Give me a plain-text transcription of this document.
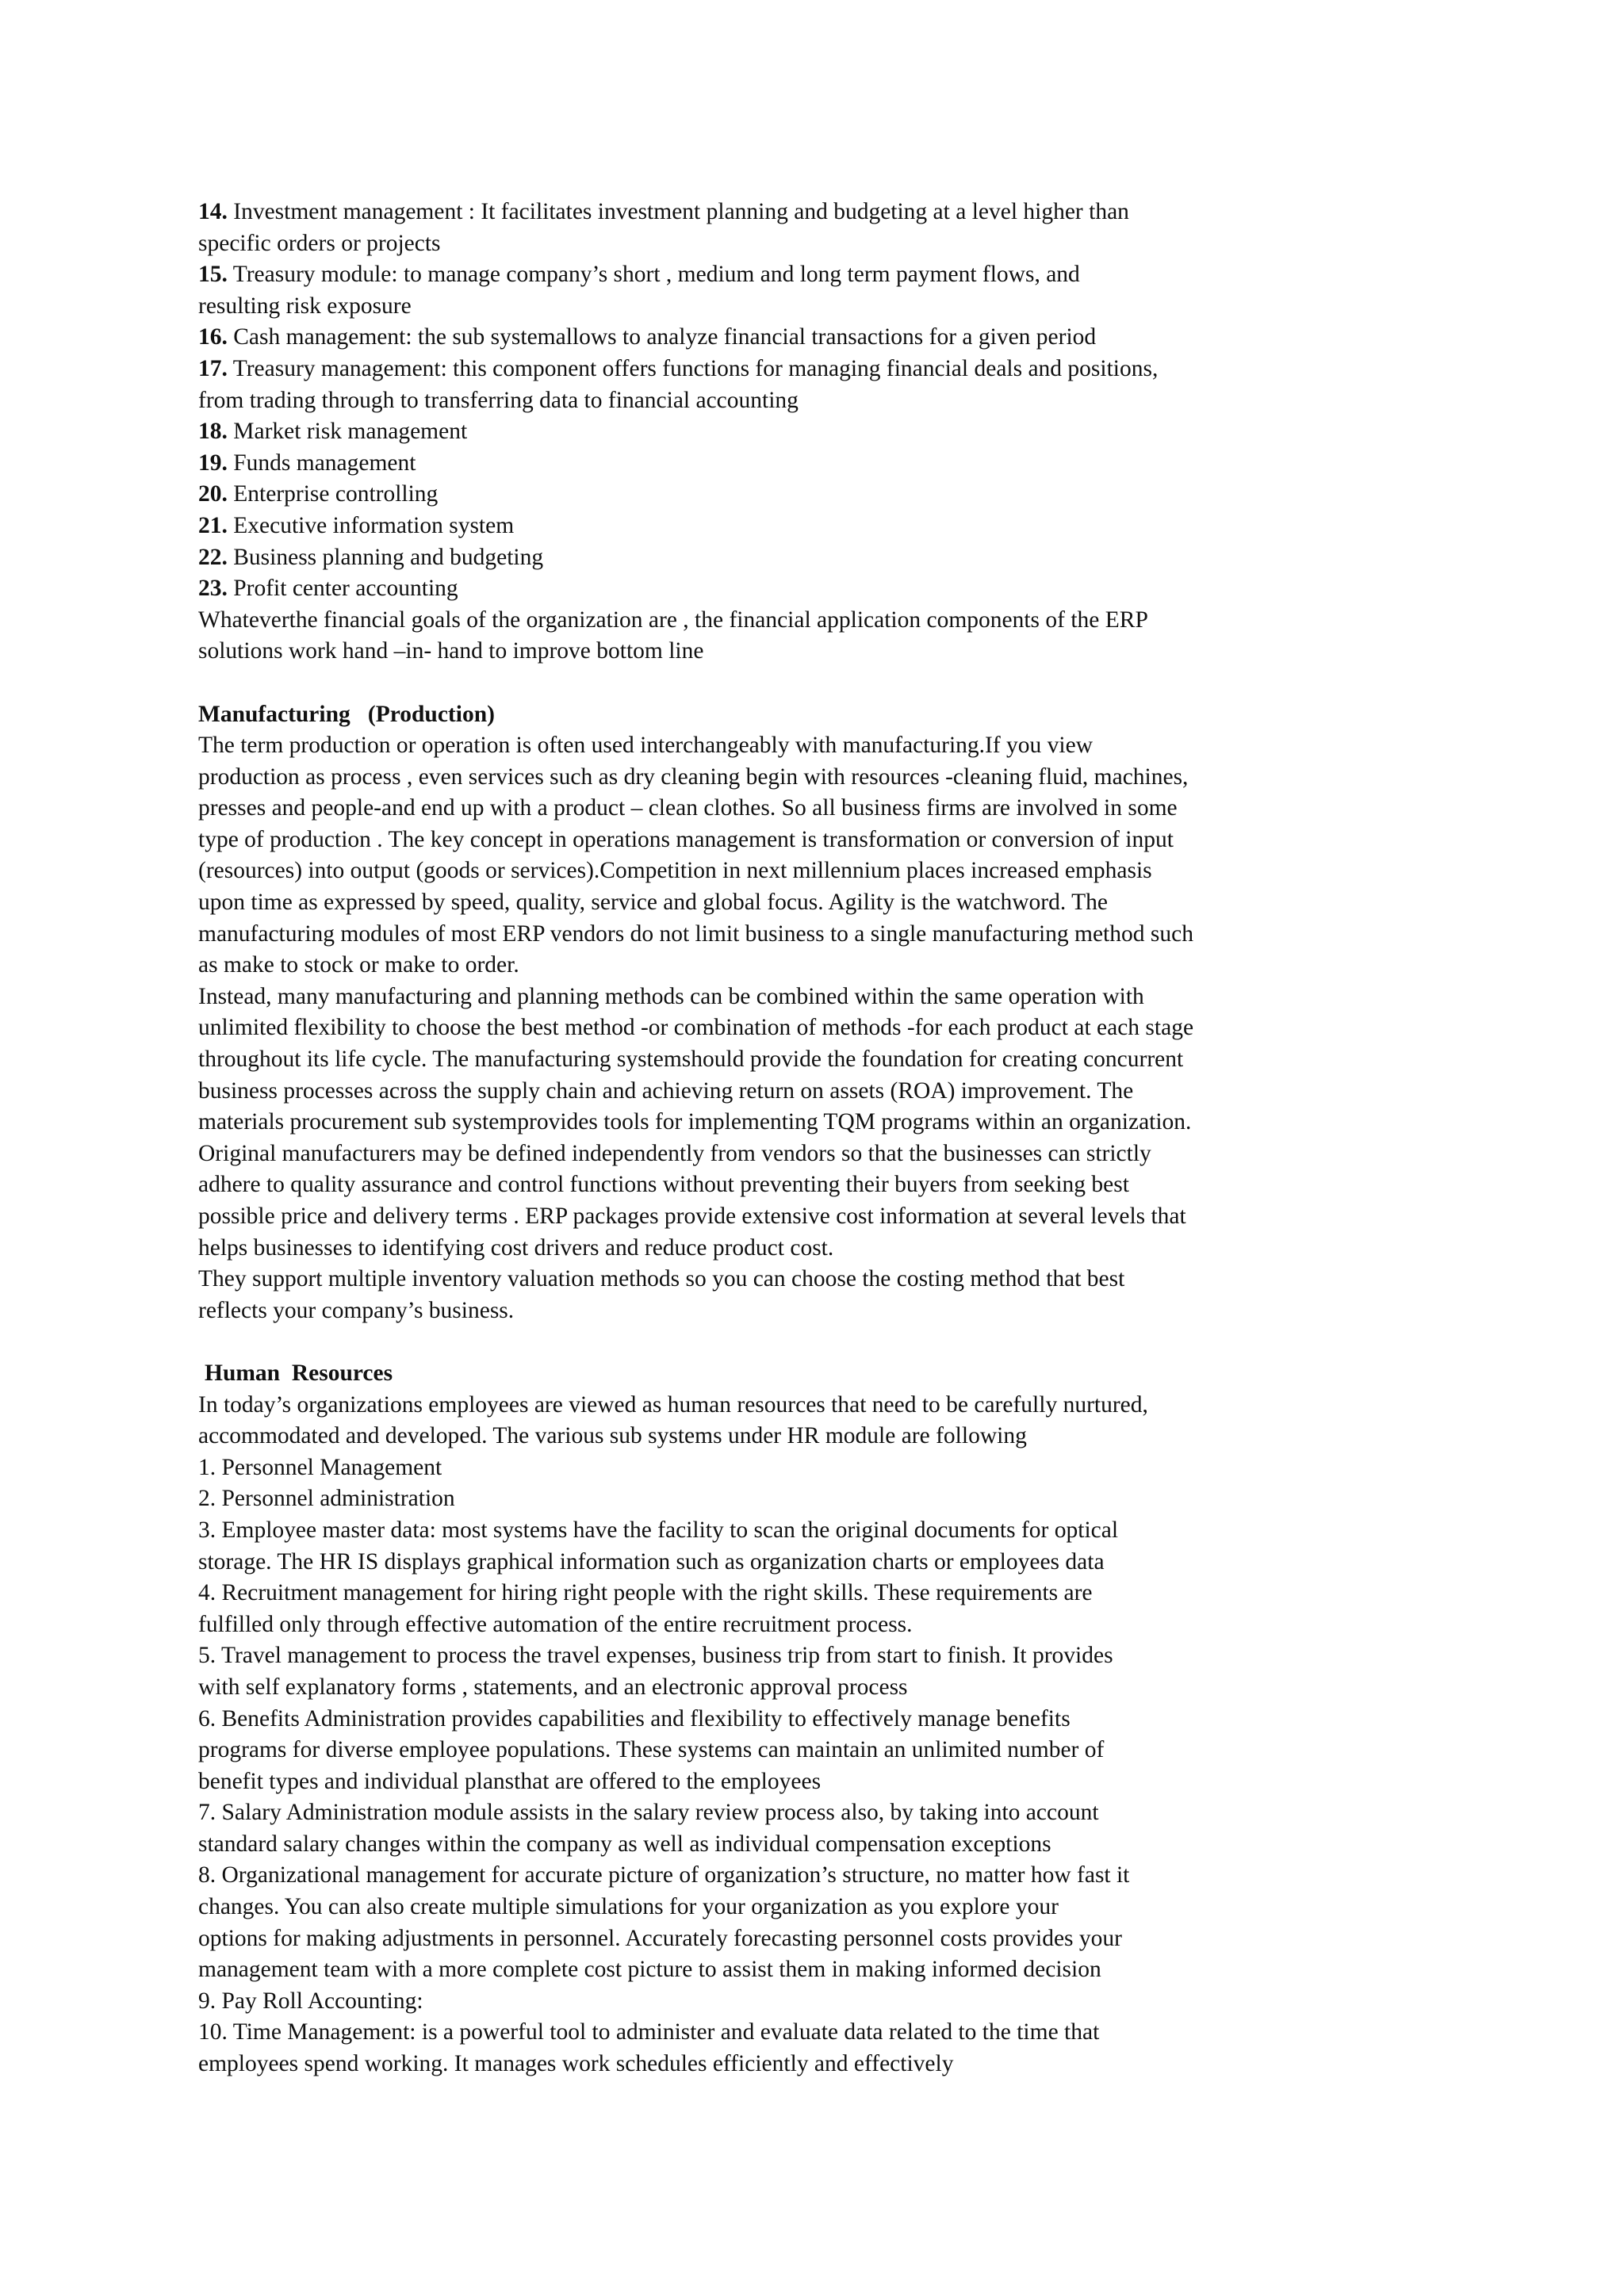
14. Investment management : It facilitates investment planning and budgeting at a level higher than
specific orders or projects
15. Treasury module: to manage company’s short , medium and long term payment flows, and
resulting risk exposure
16. Cash management: the sub systemallows to analyze financial transactions for a given period
17. Treasury management: this component offers functions for managing financial deals and positions,
from trading through to transferring data to financial accounting
18. Market risk management
19. Funds management
20. Enterprise controlling
21. Executive information system
22. Business planning and budgeting
23. Profit center accounting
Whateverthe financial goals of the organization are , the financial application components of the ERP
solutions work hand –in- hand to improve bottom line
Manufacturing   (Production)
The term production or operation is often used interchangeably with manufacturing.If you view
production as process , even services such as dry cleaning begin with resources -cleaning fluid, machines,
presses and people-and end up with a product – clean clothes. So all business firms are involved in some
type of production . The key concept in operations management is transformation or conversion of input
(resources) into output (goods or services).Competition in next millennium places increased emphasis
upon time as expressed by speed, quality, service and global focus. Agility is the watchword. The
manufacturing modules of most ERP vendors do not limit business to a single manufacturing method such
as make to stock or make to order.
Instead, many manufacturing and planning methods can be combined within the same operation with
unlimited flexibility to choose the best method -or combination of methods -for each product at each stage
throughout its life cycle. The manufacturing systemshould provide the foundation for creating concurrent
business processes across the supply chain and achieving return on assets (ROA) improvement. The
materials procurement sub systemprovides tools for implementing TQM programs within an organization.
Original manufacturers may be defined independently from vendors so that the businesses can strictly
adhere to quality assurance and control functions without preventing their buyers from seeking best
possible price and delivery terms . ERP packages provide extensive cost information at several levels that
helps businesses to identifying cost drivers and reduce product cost.
They support multiple inventory valuation methods so you can choose the costing method that best
reflects your company’s business.
Human  Resources
In today’s organizations employees are viewed as human resources that need to be carefully nurtured,
accommodated and developed. The various sub systems under HR module are following
1. Personnel Management
2. Personnel administration
3. Employee master data: most systems have the facility to scan the original documents for optical
storage. The HR IS displays graphical information such as organization charts or employees data
4. Recruitment management for hiring right people with the right skills. These requirements are
fulfilled only through effective automation of the entire recruitment process.
5. Travel management to process the travel expenses, business trip from start to finish. It provides
with self explanatory forms , statements, and an electronic approval process
6. Benefits Administration provides capabilities and flexibility to effectively manage benefits
programs for diverse employee populations. These systems can maintain an unlimited number of
benefit types and individual plansthat are offered to the employees
7. Salary Administration module assists in the salary review process also, by taking into account
standard salary changes within the company as well as individual compensation exceptions
8. Organizational management for accurate picture of organization’s structure, no matter how fast it
changes. You can also create multiple simulations for your organization as you explore your
options for making adjustments in personnel. Accurately forecasting personnel costs provides your
management team with a more complete cost picture to assist them in making informed decision
9. Pay Roll Accounting:
10. Time Management: is a powerful tool to administer and evaluate data related to the time that
employees spend working. It manages work schedules efficiently and effectively
